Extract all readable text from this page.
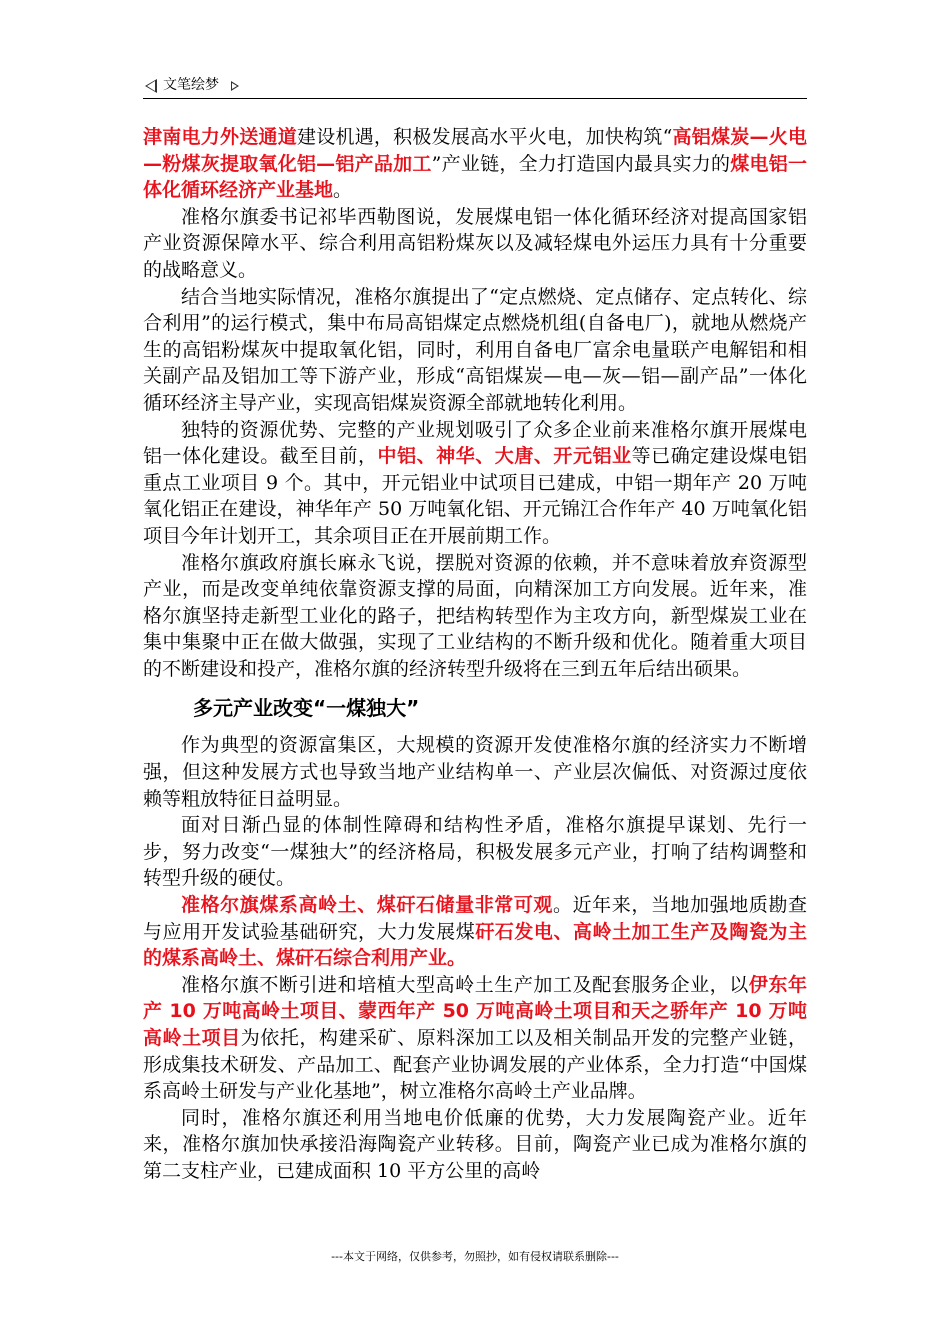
文笔绘梦

津南电力外送通道建设机遇，积极发展高水平火电，加快构筑“高铝煤炭—火电—粉煤灰提取氧化铝—铝产品加工”产业链，全力打造国内最具实力的煤电铝一体化循环经济产业基地。

准格尔旗委书记祁毕西勒图说，发展煤电铝一体化循环经济对提高国家铝产业资源保障水平、综合利用高铝粉煤灰以及减轻煤电外运压力具有十分重要的战略意义。

结合当地实际情况，准格尔旗提出了“定点燃烧、定点储存、定点转化、综合利用”的运行模式，集中布局高铝煤定点燃烧机组(自备电厂)，就地从燃烧产生的高铝粉煤灰中提取氧化铝，同时，利用自备电厂富余电量联产电解铝和相关副产品及铝加工等下游产业，形成“高铝煤炭—电—灰—铝—副产品”一体化循环经济主导产业，实现高铝煤炭资源全部就地转化利用。

独特的资源优势、完整的产业规划吸引了众多企业前来准格尔旗开展煤电铝一体化建设。截至目前，中铝、神华、大唐、开元铝业等已确定建设煤电铝重点工业项目 9 个。其中，开元铝业中试项目已建成，中铝一期年产 20 万吨氧化铝正在建设，神华年产 50 万吨氧化铝、开元锦江合作年产 40 万吨氧化铝项目今年计划开工，其余项目正在开展前期工作。

准格尔旗政府旗长麻永飞说，摆脱对资源的依赖，并不意味着放弃资源型产业，而是改变单纯依靠资源支撑的局面，向精深加工方向发展。近年来，准格尔旗坚持走新型工业化的路子，把结构转型作为主攻方向，新型煤炭工业在集中集聚中正在做大做强，实现了工业结构的不断升级和优化。随着重大项目的不断建设和投产，准格尔旗的经济转型升级将在三到五年后结出硕果。

多元产业改变“一煤独大”

作为典型的资源富集区，大规模的资源开发使准格尔旗的经济实力不断增强，但这种发展方式也导致当地产业结构单一、产业层次偏低、对资源过度依赖等粗放特征日益明显。

面对日渐凸显的体制性障碍和结构性矛盾，准格尔旗提早谋划、先行一步，努力改变“一煤独大”的经济格局，积极发展多元产业，打响了结构调整和转型升级的硬仗。

准格尔旗煤系高岭土、煤矸石储量非常可观。近年来，当地加强地质勘查与应用开发试验基础研究，大力发展煤矸石发电、高岭土加工生产及陶瓷为主的煤系高岭土、煤矸石综合利用产业。

准格尔旗不断引进和培植大型高岭土生产加工及配套服务企业，以伊东年产 10 万吨高岭土项目、蒙西年产 50 万吨高岭土项目和天之骄年产 10 万吨高岭土项目为依托，构建采矿、原料深加工以及相关制品开发的完整产业链，形成集技术研发、产品加工、配套产业协调发展的产业体系，全力打造“中国煤系高岭土研发与产业化基地”，树立准格尔高岭土产业品牌。

同时，准格尔旗还利用当地电价低廉的优势，大力发展陶瓷产业。近年来，准格尔旗加快承接沿海陶瓷产业转移。目前，陶瓷产业已成为准格尔旗的第二支柱产业，已建成面积 10 平方公里的高岭

---本文于网络，仅供参考，勿照抄，如有侵权请联系删除---
